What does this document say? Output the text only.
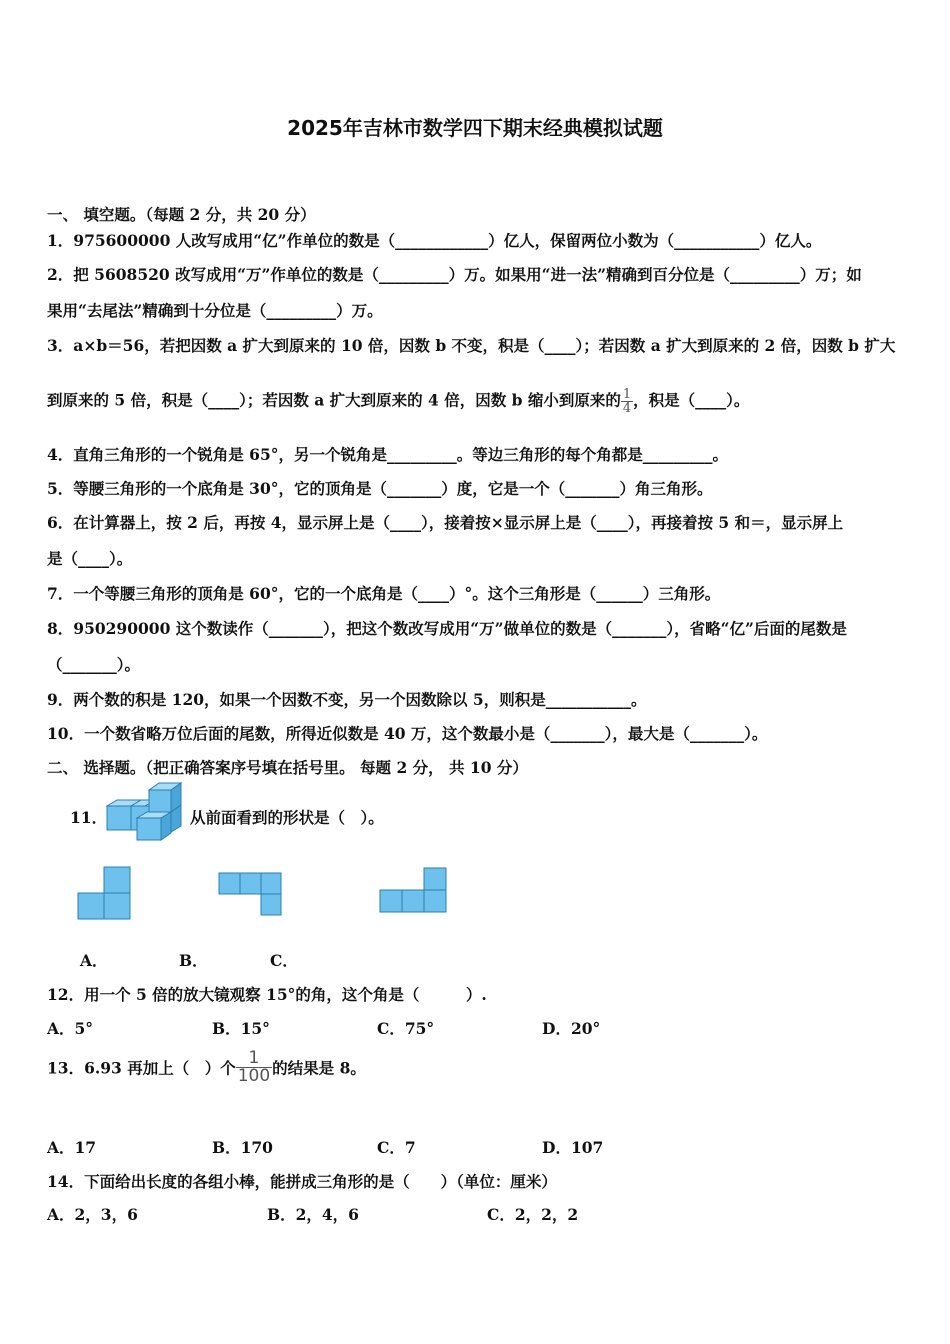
2025年吉林市数学四下期末经典模拟试题
一、 填空题。（每题 2 分，共 20 分）
1．975600000 人改写成用“亿”作单位的数是（____________）亿人，保留两位小数为（___________）亿人。
2．把 5608520 改写成用“万”作单位的数是（_________）万。如果用“进一法”精确到百分位是（_________）万；如
果用“去尾法”精确到十分位是（_________）万。
3．a×b＝56，若把因数 a 扩大到原来的 10 倍，因数 b 不变，积是（____）；若因数 a 扩大到原来的 2 倍，因数 b 扩大
到原来的 5 倍，积是（____）；若因数 a 扩大到原来的 4 倍，因数 b 缩小到原来的 $\frac{1}{4}$ ，积是（____）。
4．直角三角形的一个锐角是 65°，另一个锐角是_________。等边三角形的每个角都是_________。
5．等腰三角形的一个底角是 30°，它的顶角是（_______）度，它是一个（_______）角三角形。
6．在计算器上，按 2 后，再按 4，显示屏上是（____），接着按×显示屏上是（____），再接着按 5 和＝，显示屏上
是（____）。
7．一个等腰三角形的顶角是 60°，它的一个底角是（____）°。这个三角形是（______）三角形。
8．950290000 这个数读作（_______），把这个数改写成用“万”做单位的数是（_______），省略“亿”后面的尾数是
（_______）。
9．两个数的积是 120，如果一个因数不变，另一个因数除以 5，则积是___________。
10．一个数省略万位后面的尾数，所得近似数是 40 万，这个数最小是（_______），最大是（_______）。
二、 选择题。（把正确答案序号填在括号里。 每题 2 分， 共 10 分）
11．	从前面看到的形状是（　）。
A．	B．	C．
12．用一个 5 倍的放大镜观察 15°的角，这个角是（　　　）.
A．5°	B．15°	C．75°	D．20°
13．6.93 再加上（　）个 $\frac{1}{100}$ 的结果是 8。
A．17	B．170	C．7	D．107
14．下面给出长度的各组小棒，能拼成三角形的是（　　）（单位：厘米）
A．2，3，6	B．2，4，6	C．2，2，2
